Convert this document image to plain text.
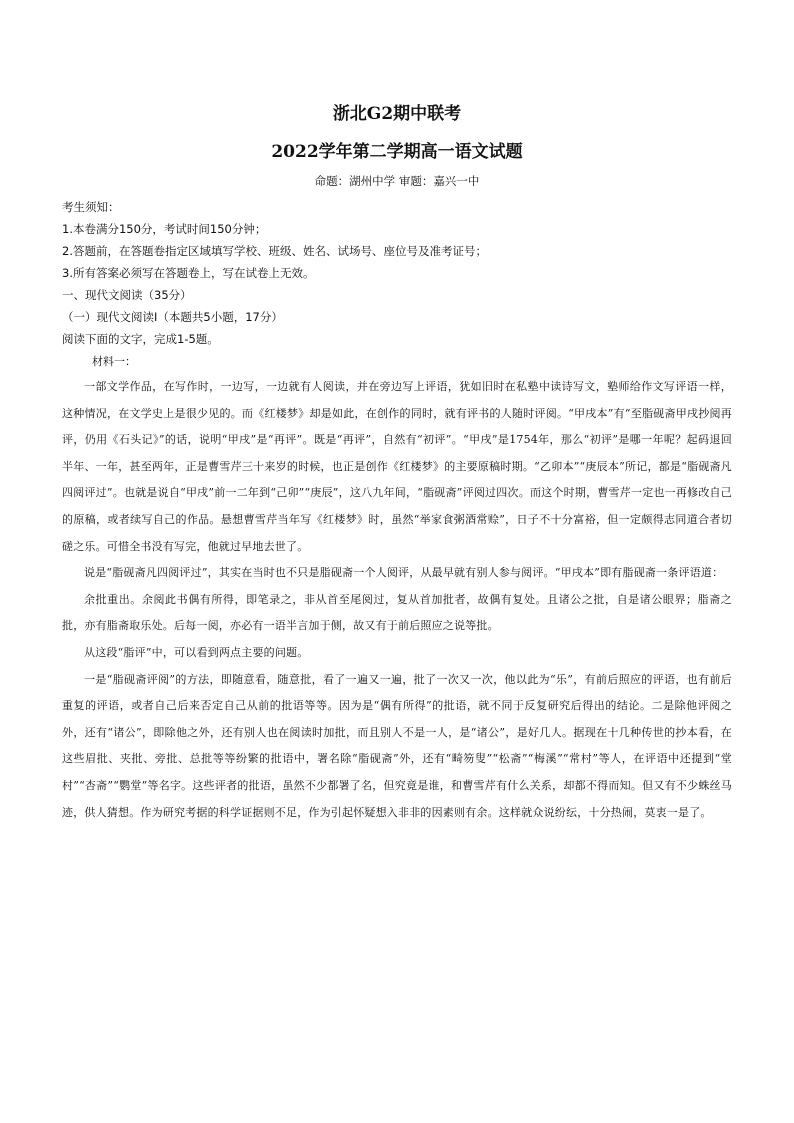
浙北G2期中联考

2022学年第二学期高一语文试题

命题：湖州中学 审题：嘉兴一中

考生须知：

1.本卷满分150分，考试时间150分钟；

2.答题前，在答题卷指定区域填写学校、班级、姓名、试场号、座位号及准考证号；

3.所有答案必须写在答题卷上，写在试卷上无效。

一、现代文阅读（35分）

（一）现代文阅读Ⅰ（本题共5小题，17分）

阅读下面的文字，完成1-5题。

材料一：

一部文学作品，在写作时，一边写，一边就有人阅读，并在旁边写上评语，犹如旧时在私塾中读诗写文，塾师给作文写评语一样，这种情况，在文学史上是很少见的。而《红楼梦》却是如此，在创作的同时，就有评书的人随时评阅。“甲戌本”有“至脂砚斋甲戌抄阅再评，仍用《石头记》”的话，说明“甲戌”是“再评”。既是“再评”，自然有“初评”。“甲戌”是1754年，那么“初评”是哪一年呢？起码退回半年、一年，甚至两年，正是曹雪芹三十来岁的时候，也正是创作《红楼梦》的主要原稿时期。“乙卯本”“庚辰本”所记，都是“脂砚斋凡四阅评过”。也就是说自“甲戌”前一二年到“己卯”“庚辰”，这八九年间，“脂砚斋”评阅过四次。而这个时期，曹雪芹一定也一再修改自己的原稿，或者续写自己的作品。悬想曹雪芹当年写《红楼梦》时，虽然“举家食粥酒常赊”，日子不十分富裕，但一定颇得志同道合者切磋之乐。可惜全书没有写完，他就过早地去世了。

说是“脂砚斋凡四阅评过”，其实在当时也不只是脂砚斋一个人阅评，从最早就有别人参与阅评。“甲戌本”即有脂砚斋一条评语道：

余批重出。余阅此书偶有所得，即笔录之，非从首至尾阅过，复从首加批者，故偶有复处。且诸公之批，自是诸公眼界；脂斋之批，亦有脂斋取乐处。后每一阅，亦必有一语半言加于侧，故又有于前后照应之说等批。

从这段“脂评”中，可以看到两点主要的问题。

一是“脂砚斋评阅”的方法，即随意看，随意批，看了一遍又一遍，批了一次又一次，他以此为“乐”，有前后照应的评语，也有前后重复的评语，或者自己后来否定自己从前的批语等等。因为是“偶有所得”的批语，就不同于反复研究后得出的结论。二是除他评阅之外，还有“诸公”，即除他之外，还有别人也在阅读时加批，而且别人不是一人，是“诸公”，是好几人。据现在十几种传世的抄本看，在这些眉批、夹批、旁批、总批等等纷繁的批语中，署名除“脂砚斋”外，还有“畸笏叟”“松斋”“梅溪”“常村”等人，在评语中还提到“堂村”“杏斋”“鹦堂”等名字。这些评者的批语，虽然不少都署了名，但究竟是谁，和曹雪芹有什么关系，却都不得而知。但又有不少蛛丝马迹，供人猜想。作为研究考据的科学证据则不足，作为引起怀疑想入非非的因素则有余。这样就众说纷纭，十分热闹，莫衷一是了。
